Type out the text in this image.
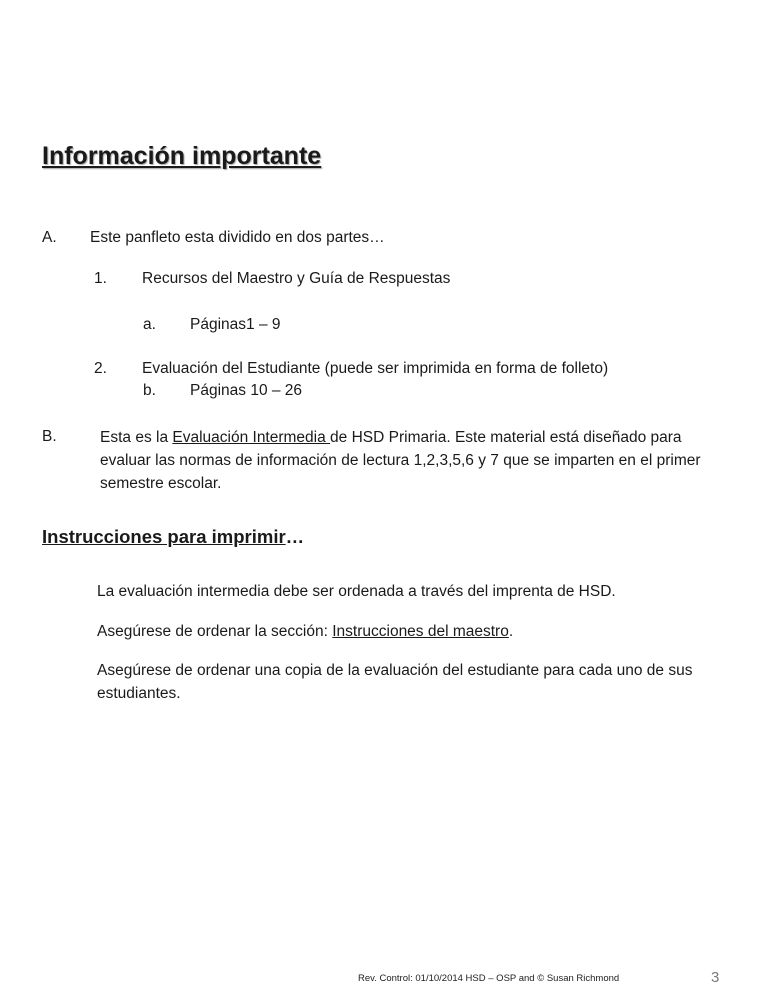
Información importante
A. Este panfleto esta dividido en dos partes…
1. Recursos del Maestro y Guía de Respuestas
a. Páginas1 – 9
2. Evaluación del Estudiante (puede ser imprimida en forma de folleto)
b. Páginas 10 – 26
B.	Esta es la Evaluación Intermedia de HSD Primaria. Este material está diseñado para evaluar las normas de información de lectura 1,2,3,5,6 y 7 que se imparten en el primer semestre escolar.

Instrucciones para imprimir…

La evaluación intermedia debe ser ordenada a través del imprenta de HSD.

Asegúrese de ordenar la sección: Instrucciones del maestro.

Asegúrese de ordenar una copia de la evaluación del estudiante para cada uno de sus estudiantes.

Rev. Control: 01/10/2014 HSD – OSP and © Susan Richmond	3
